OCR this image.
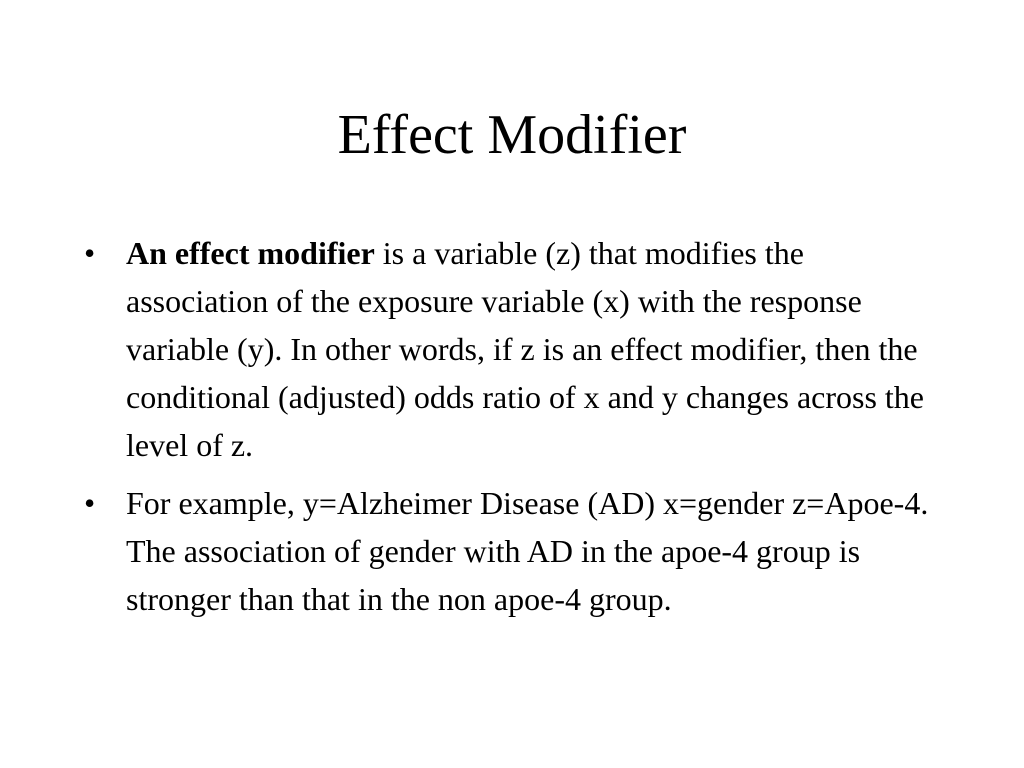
Effect Modifier
• An effect modifier is a variable (z) that modifies the association of the exposure variable (x) with the response variable (y). In other words, if z is an effect modifier, then the conditional (adjusted) odds ratio of x and y changes across the level of z.
• For example, y=Alzheimer Disease (AD) x=gender z=Apoe-4. The association of gender with AD in the apoe-4 group is stronger than that in the non apoe-4 group.
